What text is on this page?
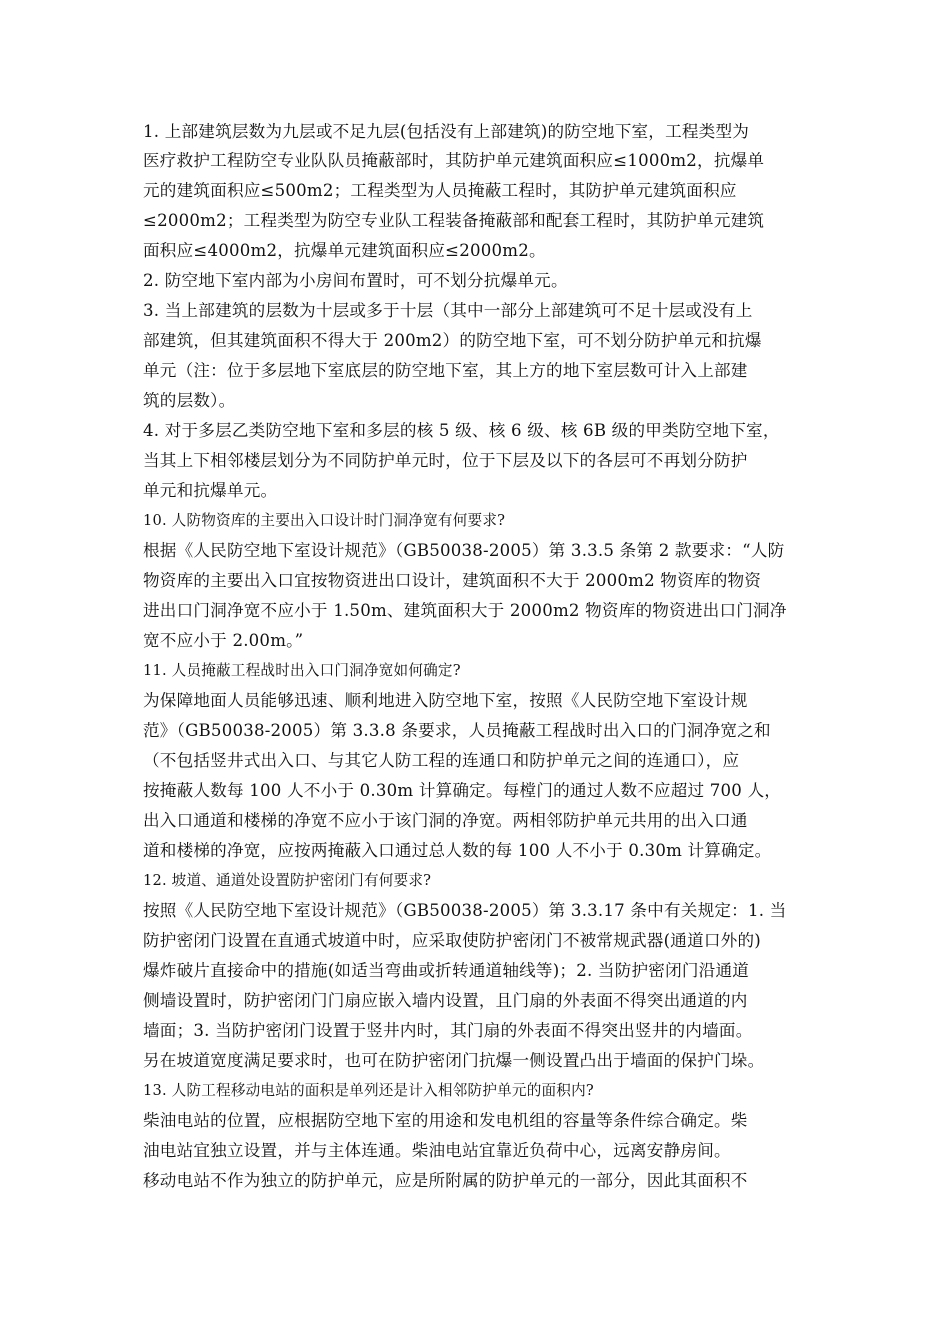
1. 上部建筑层数为九层或不足九层(包括没有上部建筑)的防空地下室，工程类型为
医疗救护工程防空专业队队员掩蔽部时，其防护单元建筑面积应≤1000m2，抗爆单
元的建筑面积应≤500m2；工程类型为人员掩蔽工程时，其防护单元建筑面积应
≤2000m2；工程类型为防空专业队工程装备掩蔽部和配套工程时，其防护单元建筑
面积应≤4000m2，抗爆单元建筑面积应≤2000m2。
2. 防空地下室内部为小房间布置时，可不划分抗爆单元。
3. 当上部建筑的层数为十层或多于十层（其中一部分上部建筑可不足十层或没有上
部建筑，但其建筑面积不得大于 200m2）的防空地下室，可不划分防护单元和抗爆
单元（注：位于多层地下室底层的防空地下室，其上方的地下室层数可计入上部建
筑的层数）。
4. 对于多层乙类防空地下室和多层的核 5 级、核 6 级、核 6B 级的甲类防空地下室，
当其上下相邻楼层划分为不同防护单元时，位于下层及以下的各层可不再划分防护
单元和抗爆单元。
10. 人防物资库的主要出入口设计时门洞净宽有何要求?
根据《人民防空地下室设计规范》（GB50038-2005）第 3.3.5 条第 2 款要求：“人防
物资库的主要出入口宜按物资进出口设计，建筑面积不大于 2000m2 物资库的物资
进出口门洞净宽不应小于 1.50m、建筑面积大于 2000m2 物资库的物资进出口门洞净
宽不应小于 2.00m。”
11. 人员掩蔽工程战时出入口门洞净宽如何确定?
为保障地面人员能够迅速、顺利地进入防空地下室，按照《人民防空地下室设计规
范》（GB50038-2005）第 3.3.8 条要求，人员掩蔽工程战时出入口的门洞净宽之和
（不包括竖井式出入口、与其它人防工程的连通口和防护单元之间的连通口），应
按掩蔽人数每 100 人不小于 0.30m 计算确定。每樘门的通过人数不应超过 700 人，
出入口通道和楼梯的净宽不应小于该门洞的净宽。两相邻防护单元共用的出入口通
道和楼梯的净宽，应按两掩蔽入口通过总人数的每 100 人不小于 0.30m 计算确定。
12. 坡道、通道处设置防护密闭门有何要求?
按照《人民防空地下室设计规范》（GB50038-2005）第 3.3.17 条中有关规定：1. 当
防护密闭门设置在直通式坡道中时，应采取使防护密闭门不被常规武器(通道口外的)
爆炸破片直接命中的措施(如适当弯曲或折转通道轴线等)；2. 当防护密闭门沿通道
侧墙设置时，防护密闭门门扇应嵌入墙内设置，且门扇的外表面不得突出通道的内
墙面；3. 当防护密闭门设置于竖井内时，其门扇的外表面不得突出竖井的内墙面。
另在坡道宽度满足要求时，也可在防护密闭门抗爆一侧设置凸出于墙面的保护门垛。
13. 人防工程移动电站的面积是单列还是计入相邻防护单元的面积内?
柴油电站的位置，应根据防空地下室的用途和发电机组的容量等条件综合确定。柴
油电站宜独立设置，并与主体连通。柴油电站宜靠近负荷中心，远离安静房间。
移动电站不作为独立的防护单元，应是所附属的防护单元的一部分，因此其面积不
